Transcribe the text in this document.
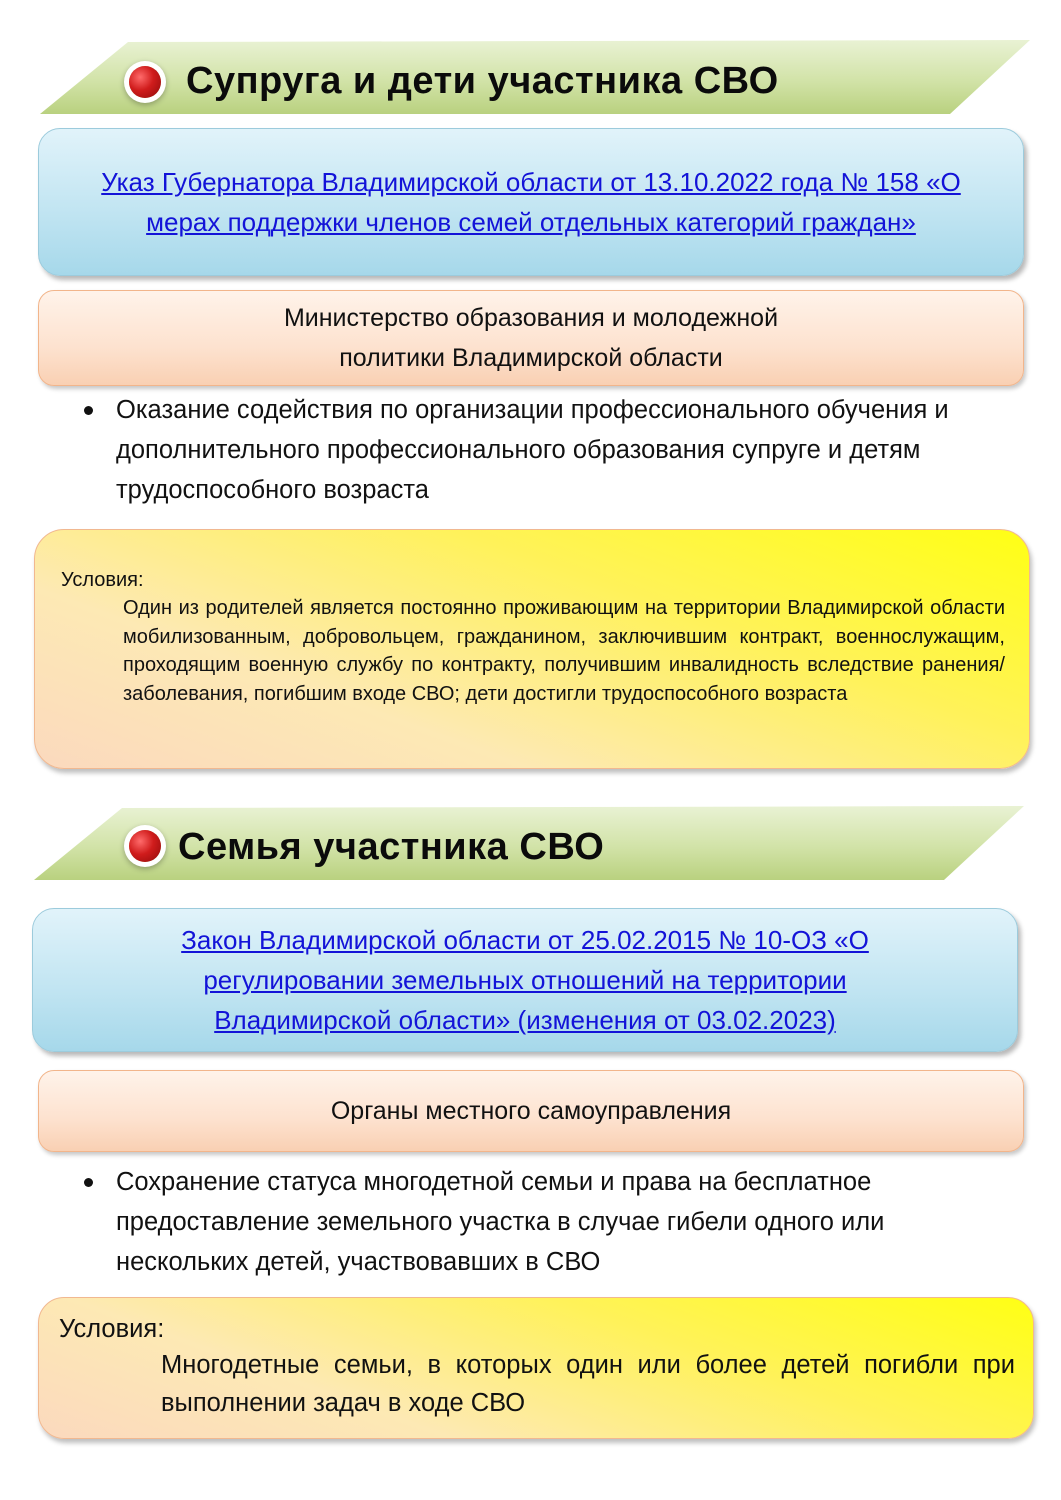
Супруга и дети участника СВО
Указ Губернатора Владимирской области от 13.10.2022 года № 158 «О мерах поддержки членов семей отдельных категорий граждан»
Министерство образования и молодежной политики Владимирской области
Оказание содействия по организации профессионального обучения и дополнительного профессионального образования супруге и детям трудоспособного возраста
Условия:
Один из родителей является постоянно проживающим на территории Владимирской области мобилизованным, добровольцем, гражданином, заключившим контракт, военнослужащим, проходящим военную службу по контракту, получившим инвалидность вследствие ранения/заболевания, погибшим входе СВО; дети достигли трудоспособного возраста
Семья участника СВО
Закон Владимирской области от 25.02.2015 № 10-ОЗ «О регулировании земельных отношений на территории Владимирской области» (изменения от 03.02.2023)
Органы местного самоуправления
Сохранение статуса многодетной семьи и права на бесплатное предоставление земельного участка в случае гибели одного или нескольких детей, участвовавших в СВО
Условия:
Многодетные семьи, в которых один или более детей погибли при выполнении задач в ходе СВО
